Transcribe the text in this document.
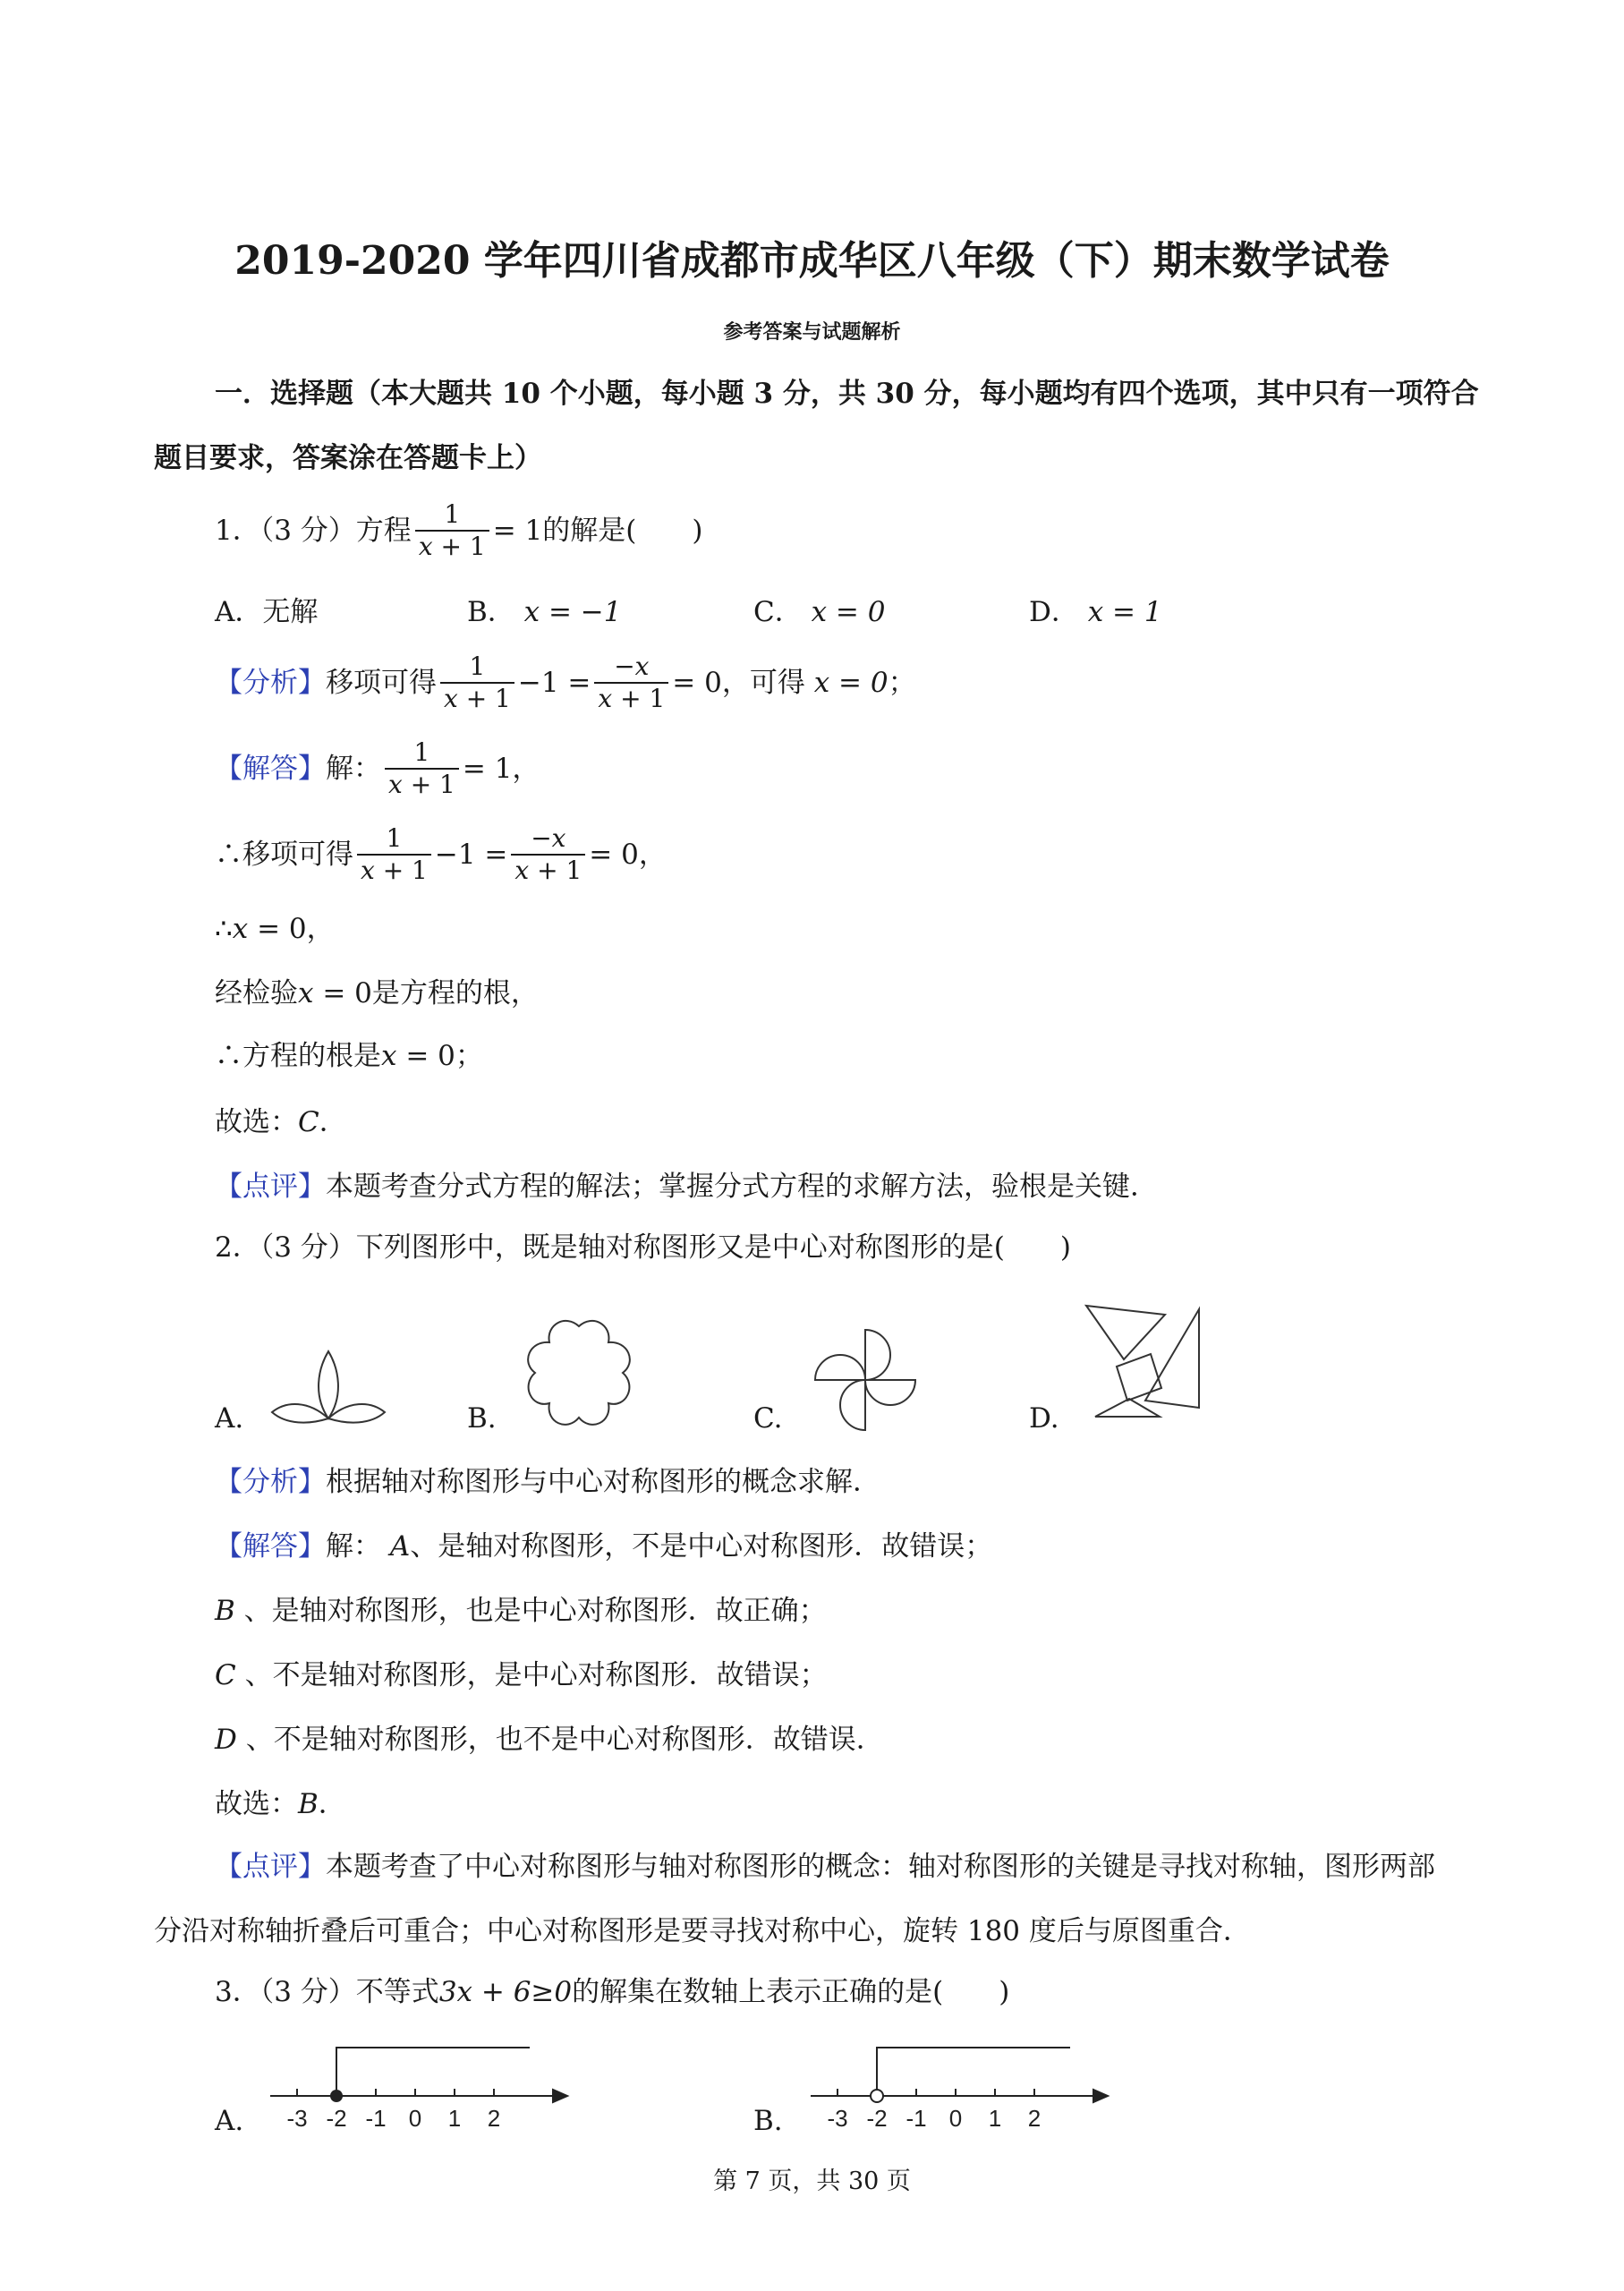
2019-2020 学年四川省成都市成华区八年级（下）期末数学试卷
参考答案与试题解析
一．选择题（本大题共 10 个小题，每小题 3 分，共 30 分，每小题均有四个选项，其中只有一项符合
题目要求，答案涂在答题卡上）
1．（3 分）方程 $\frac{1}{x + 1} = 1$ 的解是(　　)
A．无解	B． x = −1	C． x = 0	D． x = 1
【分析】 移项可得 $\frac{1}{x + 1} -1 = \frac{-x}{x + 1} = 0$ ，可得 x = 0 ；
【解答】 解： $\frac{1}{x + 1} = 1$，
∴移项可得 $\frac{1}{x + 1} -1 = \frac{-x}{x + 1} = 0$，
∴x = 0，
经检验x = 0是方程的根，
∴方程的根是x = 0；
故选：C．
【点评】本题考查分式方程的解法；掌握分式方程的求解方法，验根是关键．
2．（3 分）下列图形中，既是轴对称图形又是中心对称图形的是(　　)
A.	B.	C.	D.
【分析】根据轴对称图形与中心对称图形的概念求解．
【解答】解： A、是轴对称图形，不是中心对称图形．故错误；
B 、是轴对称图形，也是中心对称图形．故正确；
C 、不是轴对称图形，是中心对称图形．故错误；
D 、不是轴对称图形，也不是中心对称图形．故错误．
故选：B．
【点评】本题考查了中心对称图形与轴对称图形的概念：轴对称图形的关键是寻找对称轴，图形两部
分沿对称轴折叠后可重合；中心对称图形是要寻找对称中心，旋转 180 度后与原图重合．
3．（3 分）不等式3x + 6≥0的解集在数轴上表示正确的是(　　)
A. -3 -2 -1 0 1 2	B. -3 -2 -1 0 1 2
第 7 页，共 30 页
